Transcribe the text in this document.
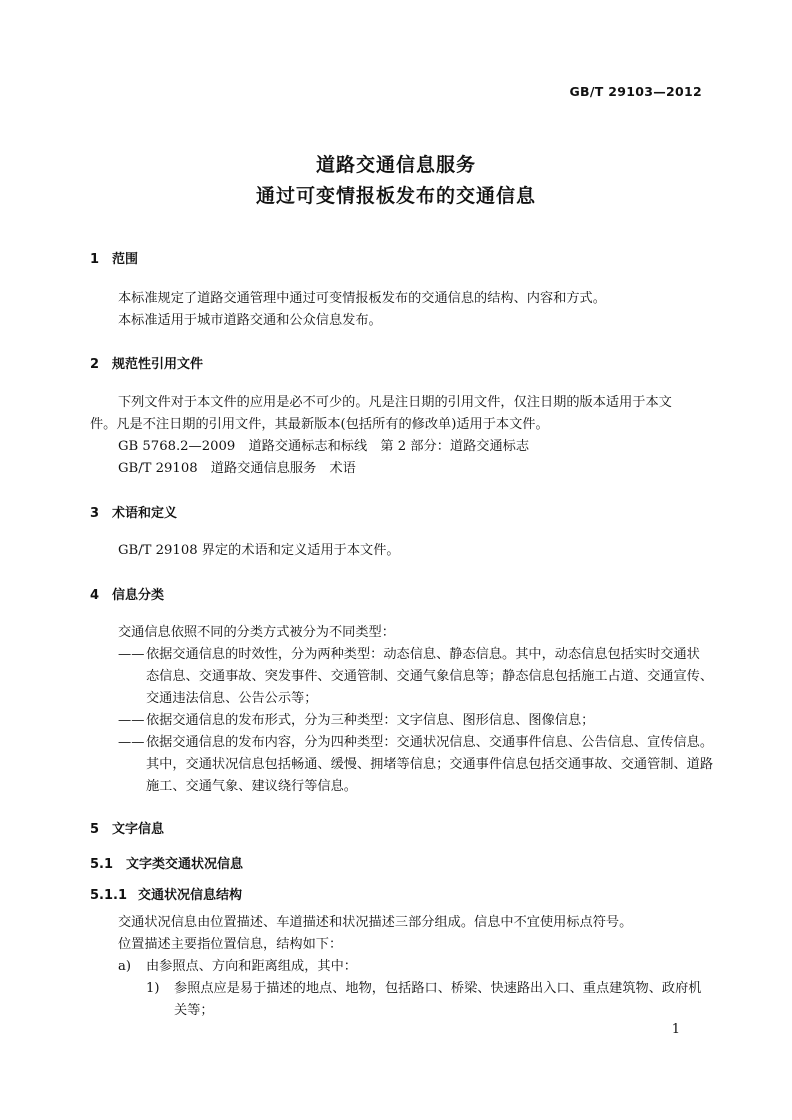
GB/T 29103—2012
道路交通信息服务
通过可变情报板发布的交通信息
1 范围
本标准规定了道路交通管理中通过可变情报板发布的交通信息的结构、内容和方式。
本标准适用于城市道路交通和公众信息发布。
2 规范性引用文件
下列文件对于本文件的应用是必不可少的。凡是注日期的引用文件，仅注日期的版本适用于本文
件。凡是不注日期的引用文件，其最新版本(包括所有的修改单)适用于本文件。
GB 5768.2—2009　道路交通标志和标线　第 2 部分：道路交通标志
GB/T 29108　道路交通信息服务　术语
3 术语和定义
GB/T 29108 界定的术语和定义适用于本文件。
4 信息分类
交通信息依照不同的分类方式被分为不同类型：
—— 依据交通信息的时效性，分为两种类型：动态信息、静态信息。其中，动态信息包括实时交通状
态信息、交通事故、突发事件、交通管制、交通气象信息等；静态信息包括施工占道、交通宣传、
交通违法信息、公告公示等；
—— 依据交通信息的发布形式，分为三种类型：文字信息、图形信息、图像信息；
—— 依据交通信息的发布内容，分为四种类型：交通状况信息、交通事件信息、公告信息、宣传信息。
其中，交通状况信息包括畅通、缓慢、拥堵等信息；交通事件信息包括交通事故、交通管制、道路
施工、交通气象、建议绕行等信息。
5 文字信息
5.1 文字类交通状况信息
5.1.1 交通状况信息结构
交通状况信息由位置描述、车道描述和状况描述三部分组成。信息中不宜使用标点符号。
位置描述主要指位置信息，结构如下：
a) 由参照点、方向和距离组成，其中：
1) 参照点应是易于描述的地点、地物，包括路口、桥梁、快速路出入口、重点建筑物、政府机
关等；
1
